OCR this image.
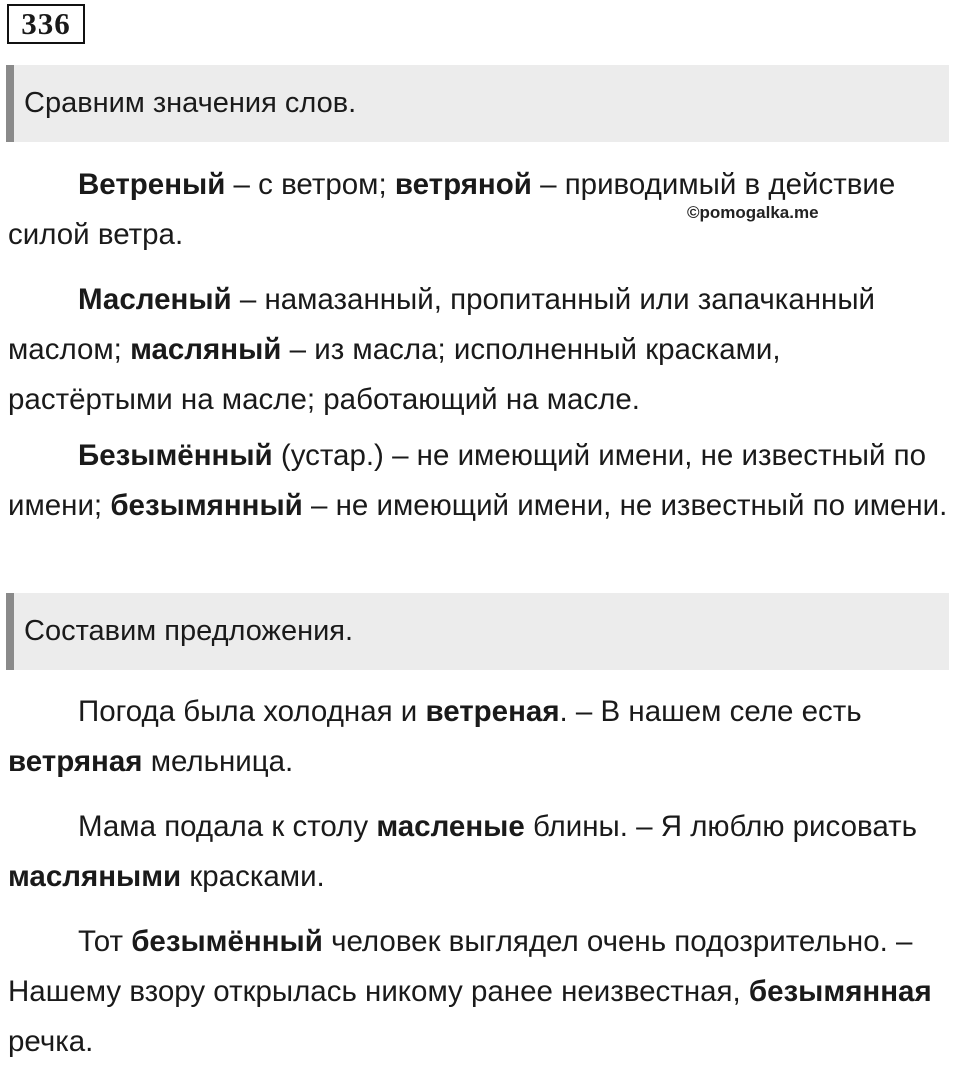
336
Сравним значения слов.

Ветреный – с ветром; ветряной – приводимый в действие силой ветра.

©pomogalka.me

Масленый – намазанный, пропитанный или запачканный маслом; масляный – из масла; исполненный красками, растёртыми на масле; работающий на масле.

Безымённый (устар.) – не имеющий имени, не известный по имени; безымянный – не имеющий имени, не известный по имени.

Составим предложения.

Погода была холодная и ветреная. – В нашем селе есть ветряная мельница.

Мама подала к столу масленые блины. – Я люблю рисовать масляными красками.

Тот безымённый человек выглядел очень подозрительно. – Нашему взору открылась никому ранее неизвестная, безымянная речка.
